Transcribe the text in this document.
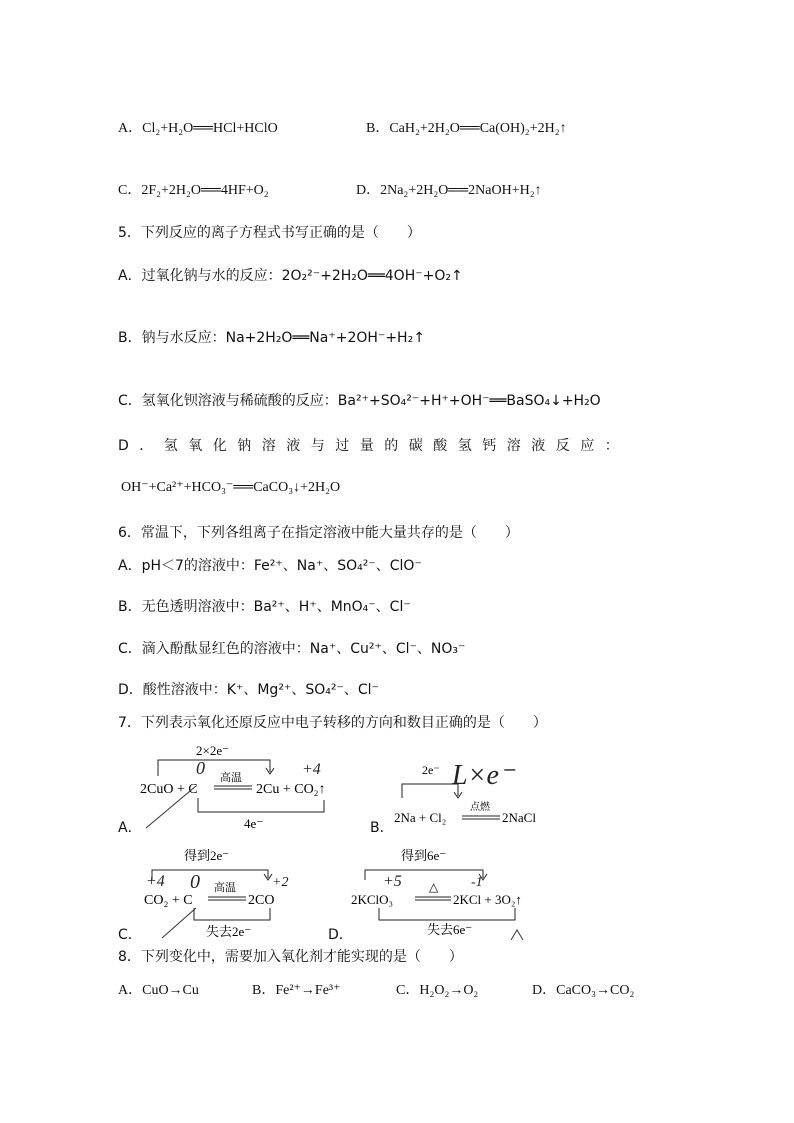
A．Cl₂+H₂O══HCl+HClO	B．CaH₂+2H₂O══Ca(OH)₂+2H₂↑
C．2F₂+2H₂O══4HF+O₂	D．2Na₂+2H₂O══2NaOH+H₂↑
5．下列反应的离子方程式书写正确的是（　　）
A．过氧化钠与水的反应：2O₂²⁻+2H₂O══4OH⁻+O₂↑
B．钠与水反应：Na+2H₂O══Na⁺+2OH⁻+H₂↑
C．氢氧化钡溶液与稀硫酸的反应：Ba²⁺+SO₄²⁻+H⁺+OH⁻══BaSO₄↓+H₂O
D．氢氧化钠溶液与过量的碳酸氢钙溶液反应：
OH⁻+Ca²⁺+HCO₃⁻══CaCO₃↓+2H₂O
6．常温下，下列各组离子在指定溶液中能大量共存的是（　　）
A．pH＜7的溶液中：Fe²⁺、Na⁺、SO₄²⁻、ClO⁻
B．无色透明溶液中：Ba²⁺、H⁺、MnO₄⁻、Cl⁻
C．滴入酚酞显红色的溶液中：Na⁺、Cu²⁺、Cl⁻、NO₃⁻
D．酸性溶液中：K⁺、Mg²⁺、SO₄²⁻、Cl⁻
7．下列表示氧化还原反应中电子转移的方向和数目正确的是（　　）
A．	B．
C．	D．
2×2e⁻
2CuO + C
高温
2Cu + CO₂↑
4e⁻
0	+4	2e⁻ L×e⁻
2Na + Cl₂
点燃
2NaCl
得到2e⁻
+4 0	+2
CO₂ + C
高温
2CO
失去2e⁻
得到6e⁻
+5	-1
2KClO₃
△
2KCl + 3O₂↑
失去6e⁻
8．下列变化中，需要加入氧化剂才能实现的是（　　）
A．CuO→Cu	B．Fe²⁺→Fe³⁺	C．H₂O₂→O₂	D．CaCO₃→CO₂
